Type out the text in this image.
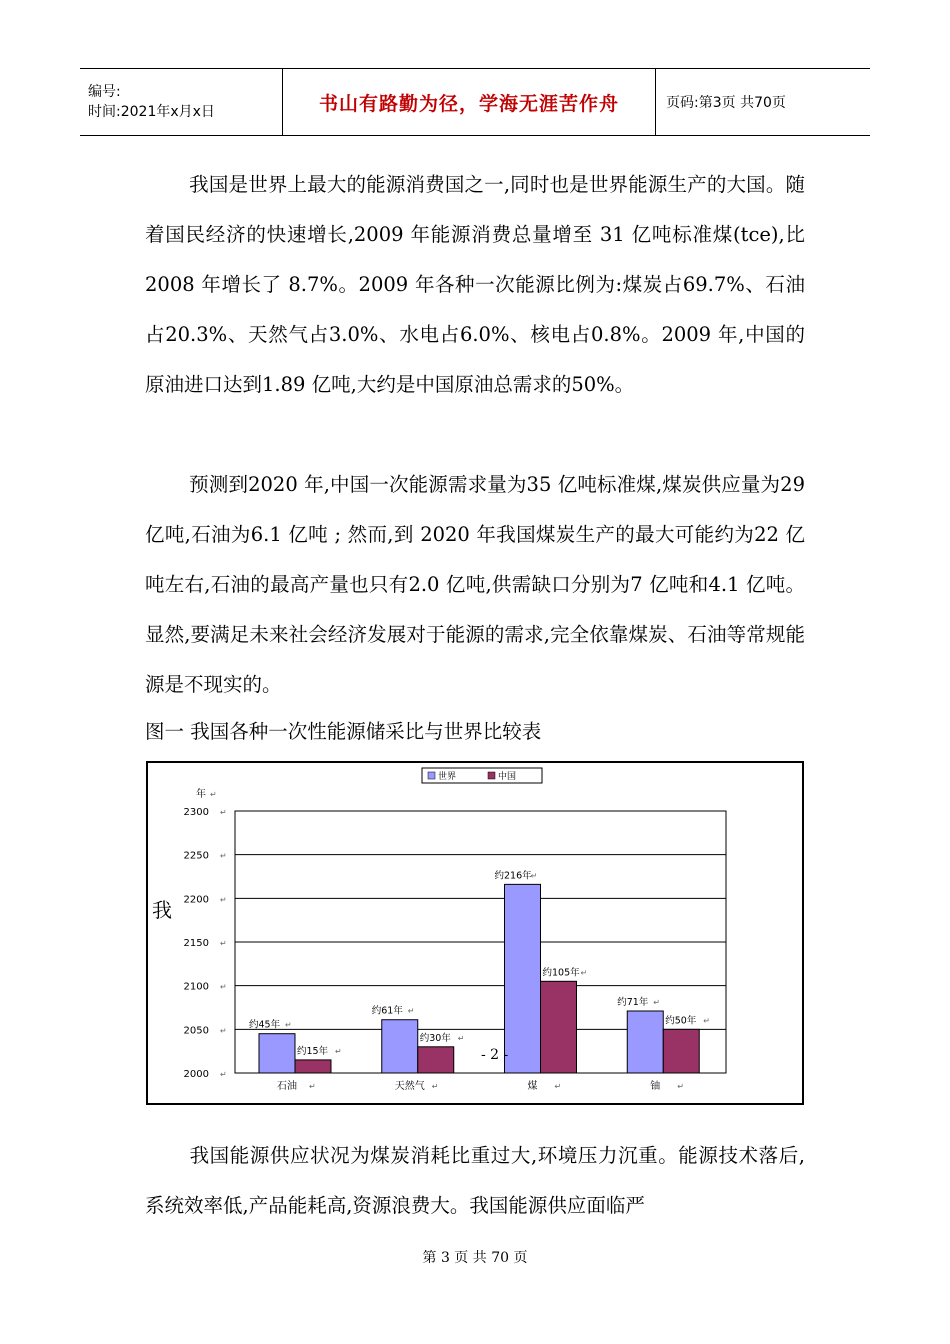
编号:
时间:2021年x月x日	书山有路勤为径，学海无涯苦作舟	页码:第3页 共70页

我国是世界上最大的能源消费国之一,同时也是世界能源生产的大国。随着国民经济的快速增长,2009 年能源消费总量增至 31 亿吨标准煤(tce),比 2008 年增长了 8.7%。2009 年各种一次能源比例为:煤炭占69.7%、石油占20.3%、天然气占3.0%、水电占6.0%、核电占0.8%。2009 年,中国的原油进口达到1.89 亿吨,大约是中国原油总需求的50%。

预测到2020 年,中国一次能源需求量为35 亿吨标准煤,煤炭供应量为29 亿吨,石油为6.1 亿吨 ; 然而,到 2020 年我国煤炭生产的最大可能约为22 亿吨左右,石油的最高产量也只有2.0 亿吨,供需缺口分别为7 亿吨和4.1 亿吨。显然,要满足未来社会经济发展对于能源的需求,完全依靠煤炭、石油等常规能源是不现实的。

图一 我国各种一次性能源储采比与世界比较表
2000 ↵
2050 ↵
2100 ↵
2150 ↵
2200 ↵
2250 ↵
2300 ↵
年 ↵
我
世界	中国
约45年 ↵
约15年 ↵
石油 ↵
约61年 ↵
约30年 ↵
天然气 ↵
约216年
↵
约105年 ↵
煤 ↵
约71年 ↵
约50年 ↵
铀 ↵
- 2 -

我国能源供应状况为煤炭消耗比重过大,环境压力沉重。能源技术落后,系统效率低,产品能耗高,资源浪费大。我国能源供应面临严

第 3 页 共 70 页
